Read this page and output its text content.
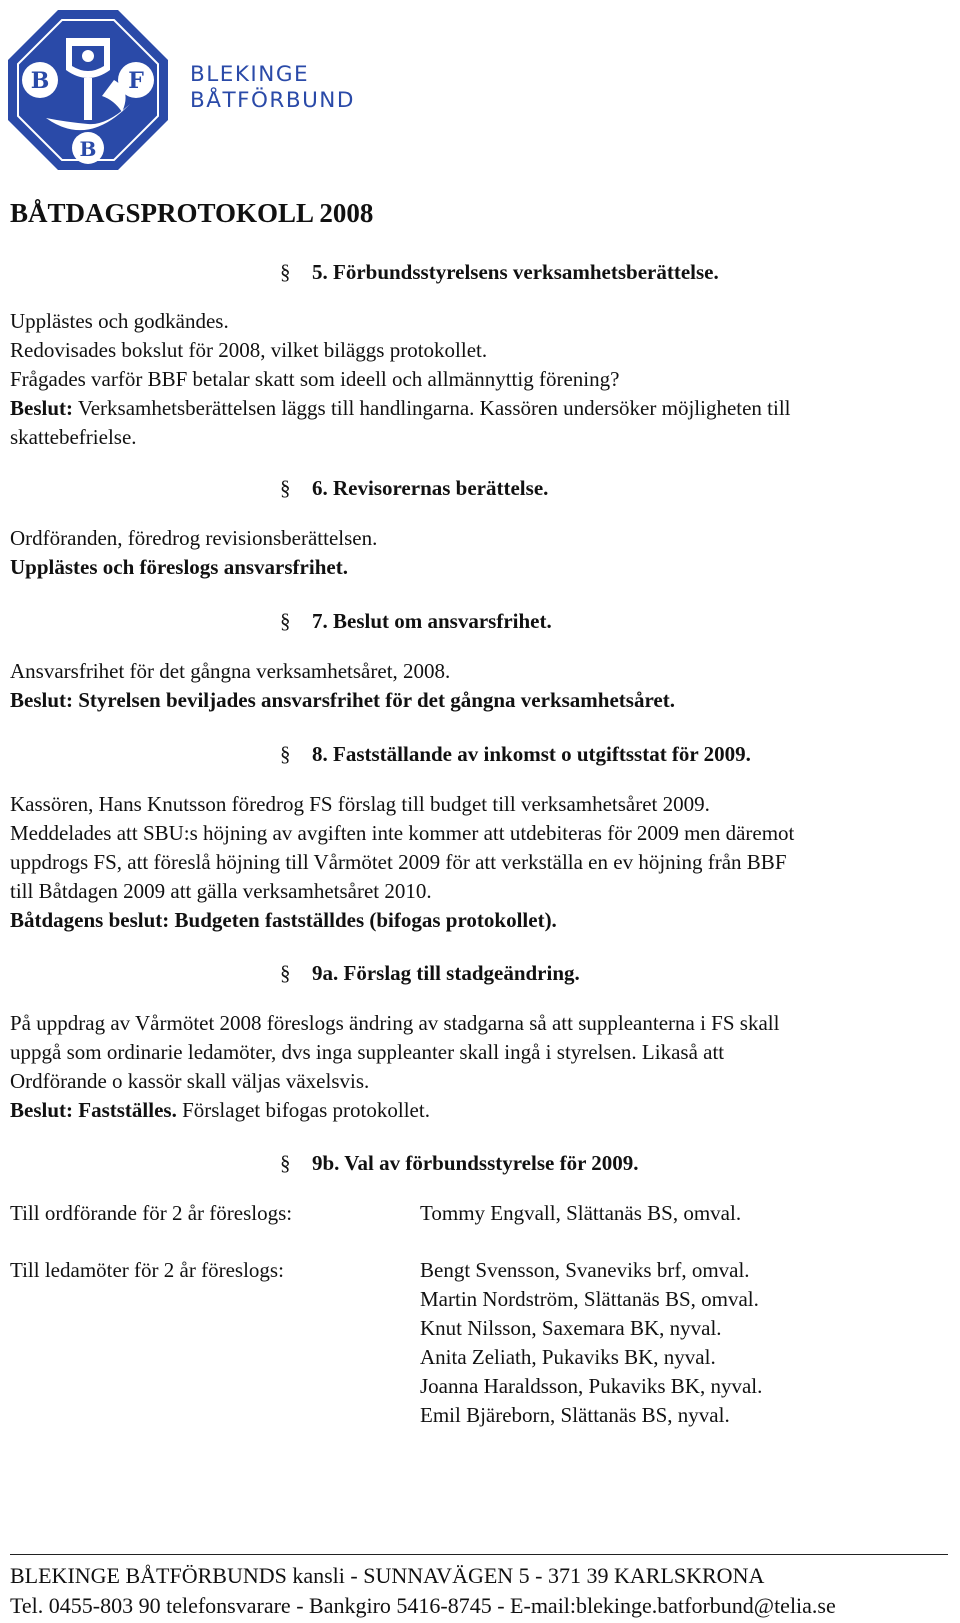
B	F
B
BLEKINGE
BÅTFÖRBUND
BÅTDAGSPROTOKOLL 2008
§ 5. Förbundsstyrelsens verksamhetsberättelse.
Upplästes och godkändes.
Redovisades bokslut för 2008, vilket biläggs protokollet.
Frågades varför BBF betalar skatt som ideell och allmännyttig förening?
Beslut: Verksamhetsberättelsen läggs till handlingarna. Kassören undersöker möjligheten till
skattebefrielse.
§ 6. Revisorernas berättelse.
Ordföranden, föredrog revisionsberättelsen.
Upplästes och föreslogs ansvarsfrihet.
§ 7. Beslut om ansvarsfrihet.
Ansvarsfrihet för det gångna verksamhetsåret, 2008.
Beslut: Styrelsen beviljades ansvarsfrihet för det gångna verksamhetsåret.
§ 8. Fastställande av inkomst o utgiftsstat för 2009.
Kassören, Hans Knutsson föredrog FS förslag till budget till verksamhetsåret 2009.
Meddelades att SBU:s höjning av avgiften inte kommer att utdebiteras för 2009 men däremot
uppdrogs FS, att föreslå höjning till Vårmötet 2009 för att verkställa en ev höjning från BBF
till Båtdagen 2009 att gälla verksamhetsåret 2010.
Båtdagens beslut: Budgeten fastställdes (bifogas protokollet).
§ 9a. Förslag till stadgeändring.
På uppdrag av Vårmötet 2008 föreslogs ändring av stadgarna så att suppleanterna i FS skall
uppgå som ordinarie ledamöter, dvs inga suppleanter skall ingå i styrelsen. Likaså att
Ordförande o kassör skall väljas växelsvis.
Beslut: Fastställes. Förslaget bifogas protokollet.
§ 9b. Val av förbundsstyrelse för 2009.
Till ordförande för 2 år föreslogs:	Tommy Engvall, Slättanäs BS, omval.
Till ledamöter för 2 år föreslogs:	Bengt Svensson, Svaneviks brf, omval.
Martin Nordström, Slättanäs BS, omval.
Knut Nilsson, Saxemara BK, nyval.
Anita Zeliath, Pukaviks BK, nyval.
Joanna Haraldsson, Pukaviks BK, nyval.
Emil Bjäreborn, Slättanäs BS, nyval.
BLEKINGE BÅTFÖRBUNDS kansli - SUNNAVÄGEN 5 - 371 39 KARLSKRONA
Tel. 0455-803 90 telefonsvarare - Bankgiro 5416-8745 - E-mail:blekinge.batforbund@telia.se
